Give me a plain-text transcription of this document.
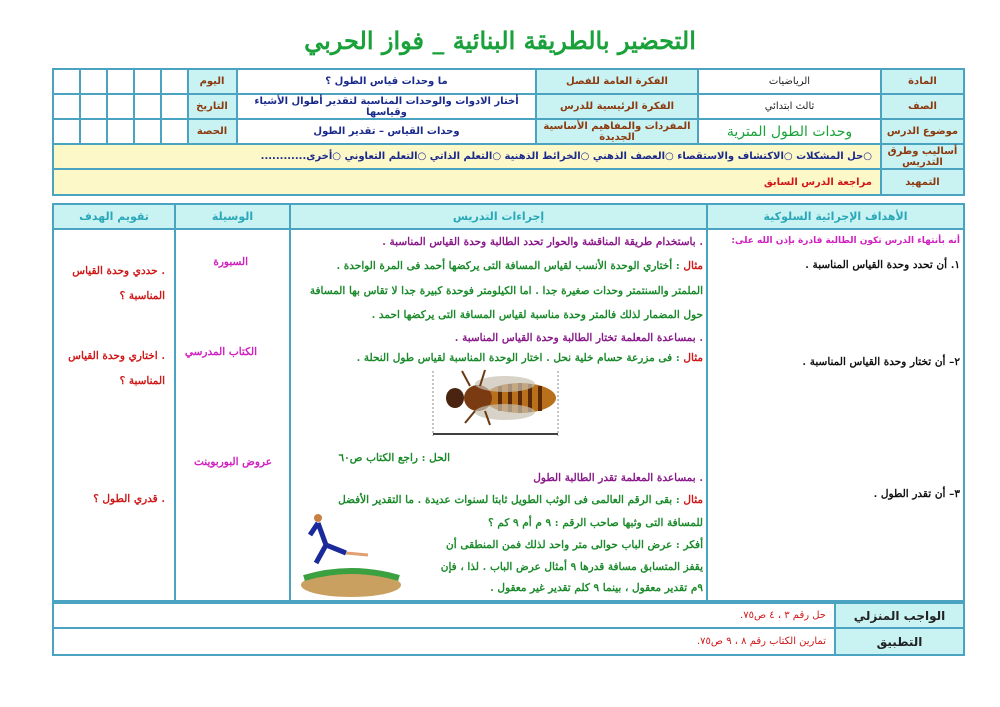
التحضير بالطريقة البنائية _ فواز الحربي
المادة
الرياضيات
الفكرة العامة للفصل
ما وحدات قياس الطول ؟
اليوم
الصف
ثالث ابتدائي
الفكرة الرئيسية للدرس
أختار الادوات والوحدات المناسبة لتقدير أطوال الأشياء وقياسها
التاريخ
موضوع الدرس
وحدات الطول المترية
المفردات والمفاهيم الأساسية الجديدة
وحدات القياس – تقدير الطول
الحصة
أساليب وطرق التدريس
○حل المشكلات ○الاكتشاف والاستقصاء ○العصف الذهني ○الخرائط الذهنية ○التعلم الذاتي ○التعلم التعاوني ○أخرى............
التمهيد
مراجعة الدرس السابق
الأهداف الإجرائية السلوكية
إجراءات التدريس
الوسيلة
تقويم الهدف
أنه بأنتهاء الدرس تكون الطالبة قادرة بإذن الله على:
١. أن تحدد وحدة القياس المناسبة .
٢– أن تختار وحدة القياس المناسبة .
٣– أن تقدر الطول .
. باستخدام طريقة المناقشة والحوار تحدد الطالبة وحدة القياس المناسبة .
مثال : أختاري الوحدة الأنسب لقياس المسافة التى يركضها أحمد فى المرة الواحدة .
الملمتر والسنتمتر وحدات صغيرة جدا . اما الكيلومتر فوحدة كبيرة جدا لا تقاس بها المسافة
حول المضمار لذلك فالمتر وحدة مناسبة لقياس المسافة التى يركضها احمد .
. بمساعدة المعلمة تختار الطالبة وحدة القياس المناسبة .
مثال : فى مزرعة حسام خلية نحل . اختار الوحدة المناسبة لقياس طول النحلة .
الحل : راجع الكتاب ص٦٠
. بمساعدة المعلمة تقدر الطالبة الطول
مثال : بقى الرقم العالمى فى الوثب الطويل ثابتا لسنوات عديدة . ما التقدير الأفضل
للمسافة التى وثبها صاحب الرقم : ٩ م أم ٩ كم ؟
أفكر : عرض الباب حوالى متر واحد لذلك فمن المنطقى أن
يقفز المتسابق مسافة قدرها ٩ أمثال عرض الباب . لذا ، فإن
٩م تقدير معقول ، بينما ٩ كلم تقدير غير معقول .
السبورة
الكتاب المدرسي
عروض البوربوينت
. حددي وحدة القياس
المناسبة ؟
. اختاري وحدة القياس
المناسبة ؟
. قدري الطول ؟
الواجب المنزلي
حل رقم ٣ ، ٤ ص٧٥.
التطبيق
تمارين الكتاب رقم ٨ ، ٩ ص٧٥.
